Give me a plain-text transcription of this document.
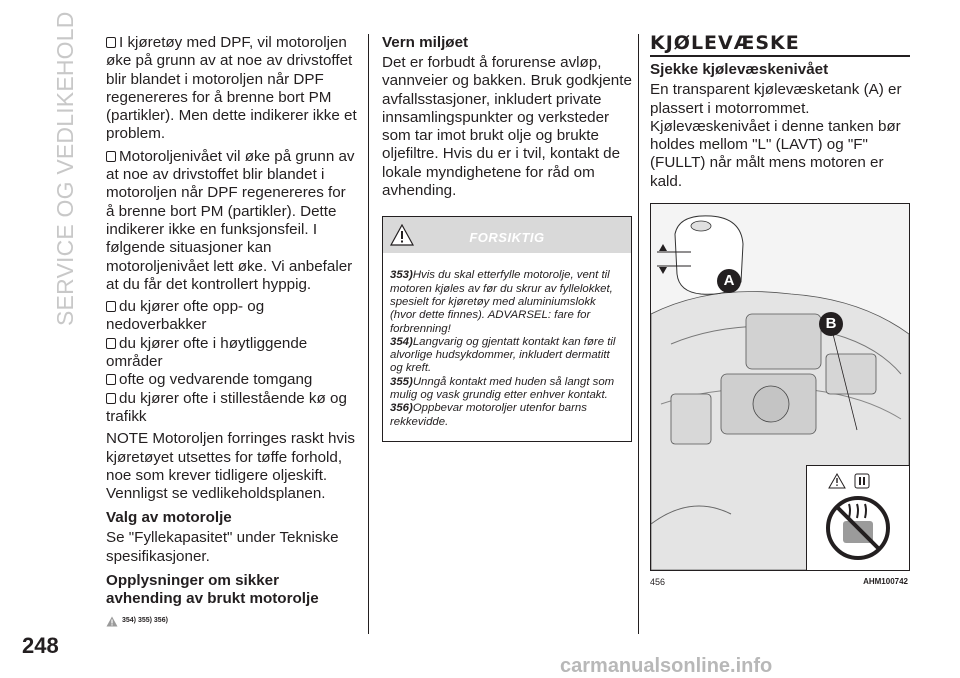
SERVICE OG VEDLIKEHOLD	I kjøretøy med DPF, vil motoroljen øke på grunn av at noe av drivstoffet blir blandet i motoroljen når DPF regenereres for å brenne bort PM (partikler). Men dette indikerer ikke et problem.

Motoroljenivået vil øke på grunn av at noe av drivstoffet blir blandet i motoroljen når DPF regenereres for å brenne bort PM (partikler). Dette indikerer ikke en funksjonsfeil. I følgende situasjoner kan motoroljenivået lett øke. Vi anbefaler at du får det kontrollert hyppig.

du kjører ofte opp- og nedoverbakker

du kjører ofte i høytliggende områder

ofte og vedvarende tomgang

du kjører ofte i stillestående kø og trafikk

NOTE Motoroljen forringes raskt hvis kjøretøyet utsettes for tøffe forhold, noe som krever tidligere oljeskift. Vennligst se vedlikeholdsplanen.

Valg av motorolje

Se "Fyllekapasitet" under Tekniske spesifikasjoner.

Opplysninger om sikker avhending av brukt motorolje
354) 355) 356)
Vern miljøet

Det er forbudt å forurense avløp, vannveier og bakken. Bruk godkjente avfallsstasjoner, inkludert private innsamlingspunkter og verksteder som tar imot brukt olje og brukte oljefiltre. Hvis du er i tvil, kontakt de lokale myndighetene for råd om avhending.

FORSIKTIG

353)Hvis du skal etterfylle motorolje, vent til motoren kjøles av før du skrur av fyllelokket, spesielt for kjøretøy med aluminiumslokk (hvor dette finnes). ADVARSEL: fare for forbrenning!

354)Langvarig og gjentatt kontakt kan føre til alvorlige hudsykdommer, inkludert dermatitt og kreft.

355)Unngå kontakt med huden så langt som mulig og vask grundig etter enhver kontakt.

356)Oppbevar motoroljer utenfor barns rekkevidde.

KJØLEVÆSKE
Sjekke kjølevæskenivået

En transparent kjølevæsketank (A) er plassert i motorrommet. Kjølevæskenivået i denne tanken bør holdes mellom "L" (LAVT) og "F" (FULLT) når målt mens motoren er kald.

A
B
456	AHM100742
248
carmanualsonline.info
